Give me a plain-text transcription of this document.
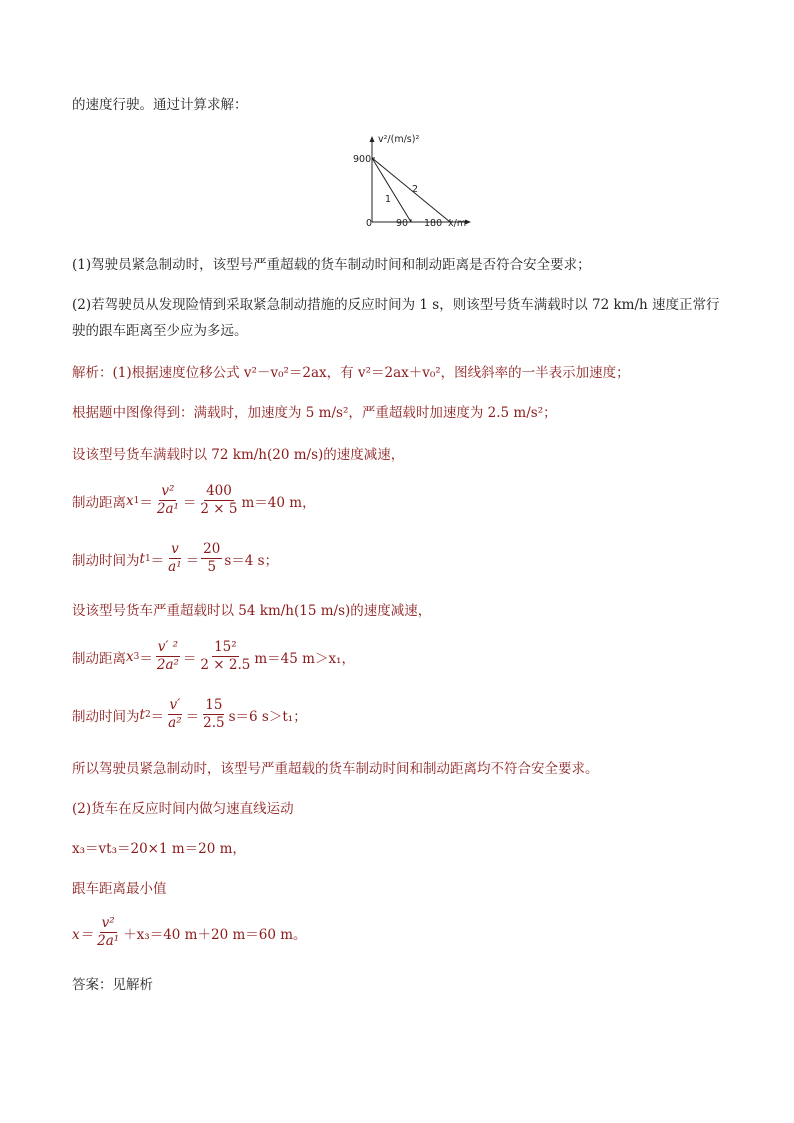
的速度行驶。通过计算求解：
v²/(m/s)²
x/m
900
0	90 180
1
2
(1)驾驶员紧急制动时，该型号严重超载的货车制动时间和制动距离是否符合安全要求；
(2)若驾驶员从发现险情到采取紧急制动措施的反应时间为 1 s，则该型号货车满载时以 72 km/h 速度正常行
驶的跟车距离至少应为多远。
解析：(1)根据速度位移公式 v²－v₀²＝2ax，有 v²＝2ax＋v₀²，图线斜率的一半表示加速度；
根据题中图像得到：满载时，加速度为 5 m/s²，严重超载时加速度为 2.5 m/s²；
设该型号货车满载时以 72 km/h(20 m/s)的速度减速，
制动距离 x $1 = \frac{\text{v²}}{\text{2a¹}} = \frac{400}{2 \times 5} m=40$ m，
制动时间为 t $1 = \frac{v}{\text{a¹}} = \frac{20}{5} s=4$ s；
设该型号货车严重超载时以 54 km/h(15 m/s)的速度减速，
制动距离 x $3 = \frac{\text{v′ ²}}{\text{2a²}} = \frac{\text{15²}}{2 \times 2.5} m=45$ m＞x₁，
制动时间为 t $2 = \frac{v'}{\text{a²}} = \frac{15}{2.5} s=6$ s＞t₁；
所以驾驶员紧急制动时，该型号严重超载的货车制动时间和制动距离均不符合安全要求。
(2)货车在反应时间内做匀速直线运动
x₃＝vt₃＝20×1 m＝20 m，
跟车距离最小值
$x= \frac{\text{v²}}{\text{2a¹}} +x_3=40$ m＋20 m＝60 m。
答案：见解析
